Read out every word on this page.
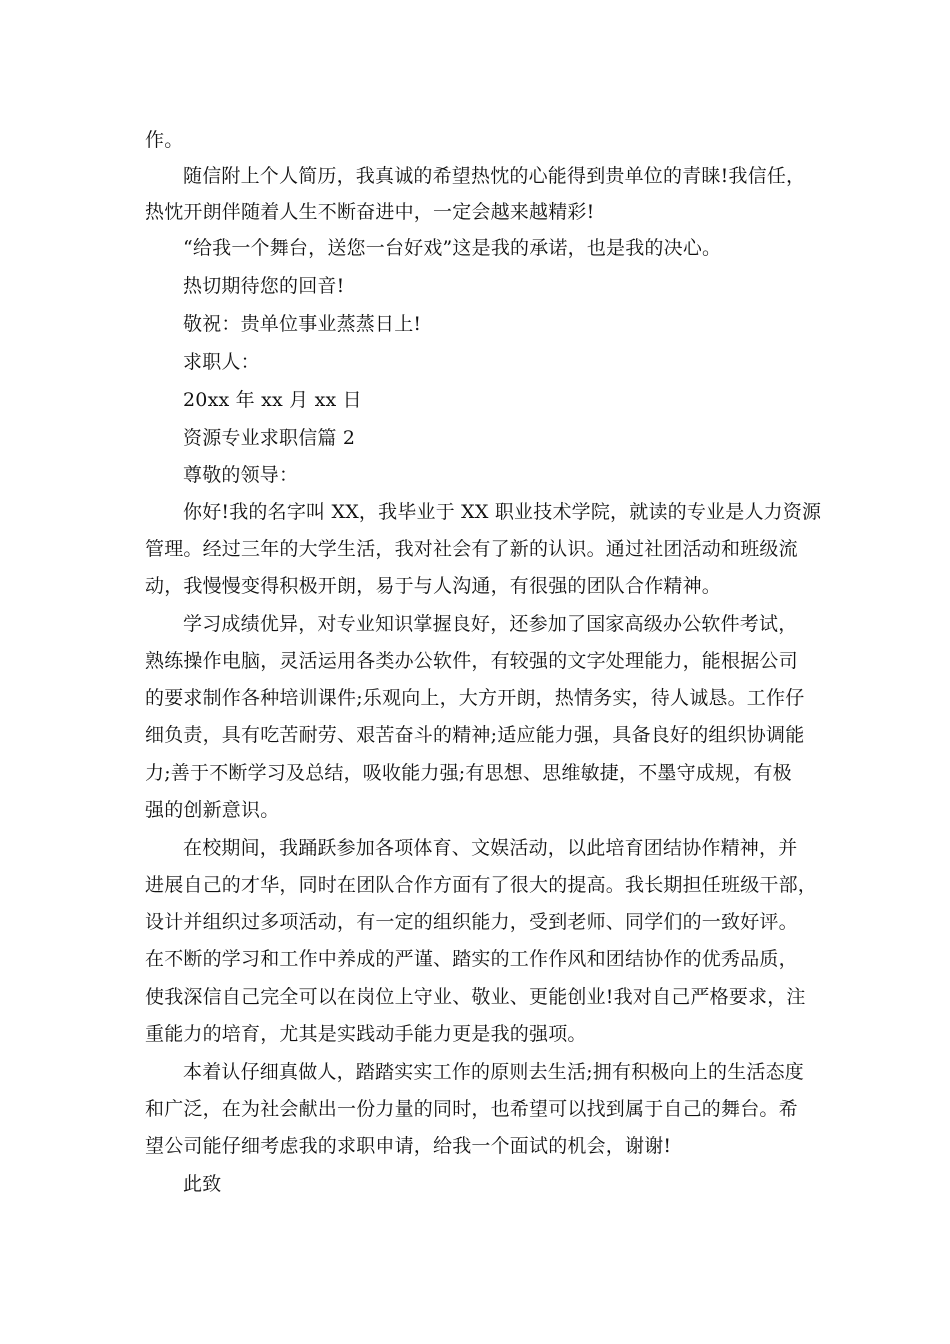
作。
随信附上个人简历，我真诚的希望热忱的心能得到贵单位的青睐!我信任，
热忱开朗伴随着人生不断奋进中，一定会越来越精彩!
“给我一个舞台，送您一台好戏”这是我的承诺，也是我的决心。
热切期待您的回音!
敬祝：贵单位事业蒸蒸日上!
求职人：
20xx 年 xx 月 xx 日
资源专业求职信篇 2
尊敬的领导：
你好!我的名字叫 XX，我毕业于 XX 职业技术学院，就读的专业是人力资源
管理。经过三年的大学生活，我对社会有了新的认识。通过社团活动和班级流
动，我慢慢变得积极开朗，易于与人沟通，有很强的团队合作精神。
学习成绩优异，对专业知识掌握良好，还参加了国家高级办公软件考试，
熟练操作电脑，灵活运用各类办公软件，有较强的文字处理能力，能根据公司
的要求制作各种培训课件;乐观向上，大方开朗，热情务实，待人诚恳。工作仔
细负责，具有吃苦耐劳、艰苦奋斗的精神;适应能力强，具备良好的组织协调能
力;善于不断学习及总结，吸收能力强;有思想、思维敏捷，不墨守成规，有极
强的创新意识。
在校期间，我踊跃参加各项体育、文娱活动，以此培育团结协作精神，并
进展自己的才华，同时在团队合作方面有了很大的提高。我长期担任班级干部，
设计并组织过多项活动，有一定的组织能力，受到老师、同学们的一致好评。
在不断的学习和工作中养成的严谨、踏实的工作作风和团结协作的优秀品质，
使我深信自己完全可以在岗位上守业、敬业、更能创业!我对自己严格要求，注
重能力的培育，尤其是实践动手能力更是我的强项。
本着认仔细真做人，踏踏实实工作的原则去生活;拥有积极向上的生活态度
和广泛，在为社会献出一份力量的同时，也希望可以找到属于自己的舞台。希
望公司能仔细考虑我的求职申请，给我一个面试的机会，谢谢!
此致
